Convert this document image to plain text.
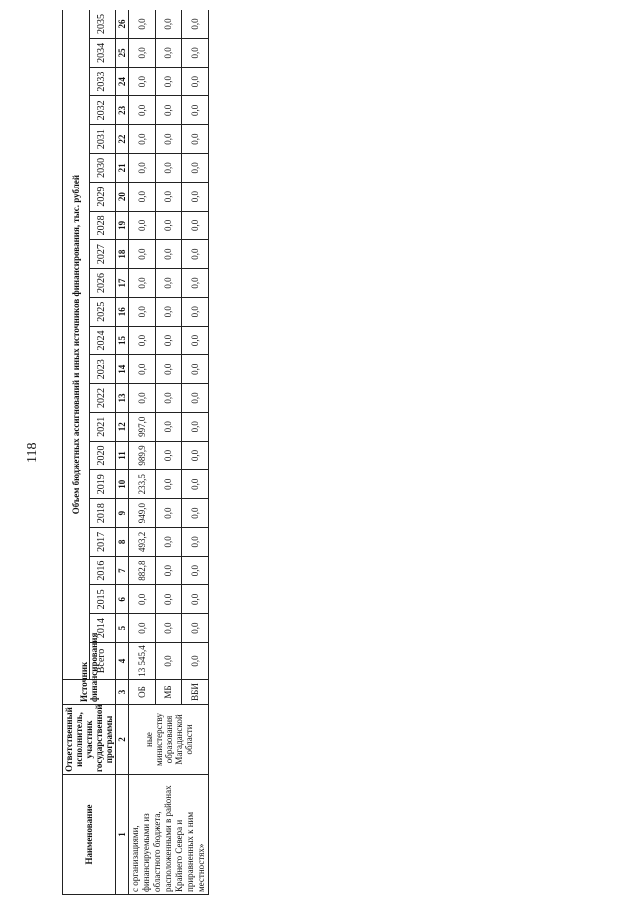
118
Наименование	Ответственный исполнитель, участник государственной программы	Источник финансирования	Объем бюджетных ассигнований и иных источников финансирования, тыс. рублей																						
			Всего	2014	2015	2016	2017	2018	2019	2020	2021	2022	2023	2024	2025	2026	2027	2028	2029	2030	2031	2032	2033	2034	2035
1	2	3	4	5	6	7	8	9	10	11	12	13	14	15	16	17	18	19	20	21	22	23	24	25	26
с организациями, финансируемыми из областного бюджета, расположенными в районах Крайнего Севера и приравненных к ним местностях»	ные министерству образования Магаданской области	ОБ	13 545,4	0,0	0,0	882,8	493,2	949,0	233,5	989,9	997,0	0,0	0,0	0,0	0,0	0,0	0,0	0,0	0,0	0,0	0,0	0,0	0,0	0,0	0,0
		МБ	0,0	0,0	0,0	0,0	0,0	0,0	0,0	0,0	0,0	0,0	0,0	0,0	0,0	0,0	0,0	0,0	0,0	0,0	0,0	0,0	0,0	0,0	0,0
		ВБИ	0,0	0,0	0,0	0,0	0,0	0,0	0,0	0,0	0,0	0,0	0,0	0,0	0,0	0,0	0,0	0,0	0,0	0,0	0,0	0,0	0,0	0,0	0,0
